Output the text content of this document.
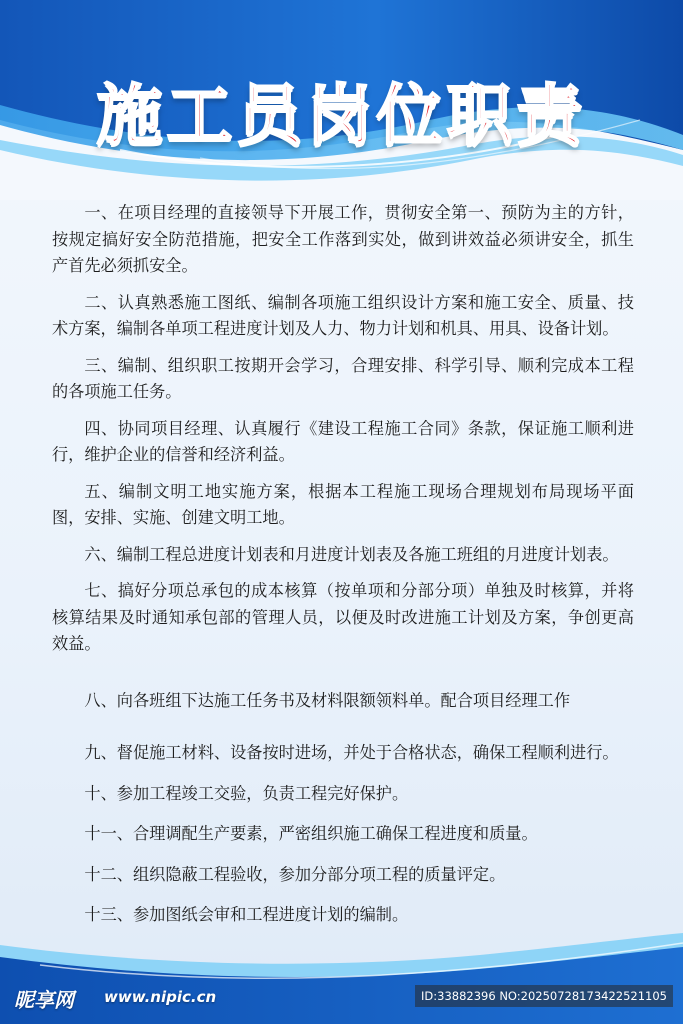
施工员岗位职责

一、在项目经理的直接领导下开展工作，贯彻安全第一、预防为主的方针，按规定搞好安全防范措施，把安全工作落到实处，做到讲效益必须讲安全，抓生产首先必须抓安全。

二、认真熟悉施工图纸、编制各项施工组织设计方案和施工安全、质量、技术方案，编制各单项工程进度计划及人力、物力计划和机具、用具、设备计划。

三、编制、组织职工按期开会学习，合理安排、科学引导、顺利完成本工程的各项施工任务。

四、协同项目经理、认真履行《建设工程施工合同》条款，保证施工顺利进行，维护企业的信誉和经济利益。

五、编制文明工地实施方案，根据本工程施工现场合理规划布局现场平面图，安排、实施、创建文明工地。

六、编制工程总进度计划表和月进度计划表及各施工班组的月进度计划表。

七、搞好分项总承包的成本核算（按单项和分部分项）单独及时核算，并将核算结果及时通知承包部的管理人员，以便及时改进施工计划及方案，争创更高效益。

八、向各班组下达施工任务书及材料限额领料单。配合项目经理工作

九、督促施工材料、设备按时进场，并处于合格状态，确保工程顺利进行。

十、参加工程竣工交验，负责工程完好保护。

十一、合理调配生产要素，严密组织施工确保工程进度和质量。

十二、组织隐蔽工程验收，参加分部分项工程的质量评定。

十三、参加图纸会审和工程进度计划的编制。

昵享网 www.nipic.cn	ID:33882396 NO:20250728173422521105
